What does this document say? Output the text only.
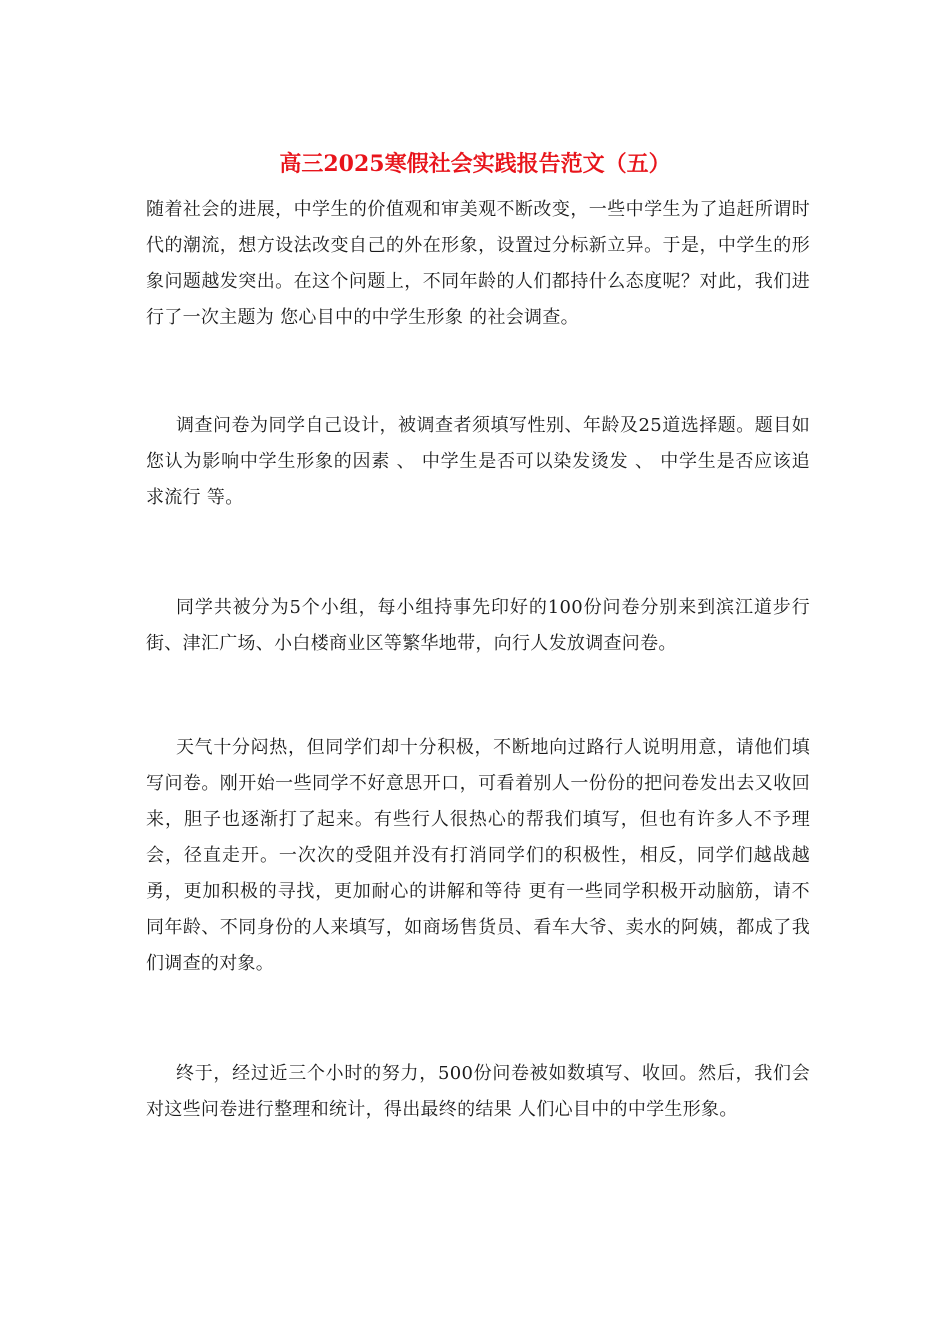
高三2025寒假社会实践报告范文（五）

随着社会的进展，中学生的价值观和审美观不断改变，一些中学生为了追赶所谓时代的潮流，想方设法改变自己的外在形象，设置过分标新立异。于是，中学生的形象问题越发突出。在这个问题上，不同年龄的人们都持什么态度呢？对此，我们进行了一次主题为 您心目中的中学生形象 的社会调查。

调查问卷为同学自己设计，被调查者须填写性别、年龄及25道选择题。题目如 您认为影响中学生形象的因素 、 中学生是否可以染发烫发 、 中学生是否应该追求流行 等。

同学共被分为5个小组，每小组持事先印好的100份问卷分别来到滨江道步行街、津汇广场、小白楼商业区等繁华地带，向行人发放调查问卷。

天气十分闷热，但同学们却十分积极，不断地向过路行人说明用意，请他们填写问卷。刚开始一些同学不好意思开口，可看着别人一份份的把问卷发出去又收回来，胆子也逐渐打了起来。有些行人很热心的帮我们填写，但也有许多人不予理会，径直走开。一次次的受阻并没有打消同学们的积极性，相反，同学们越战越勇，更加积极的寻找，更加耐心的讲解和等待 更有一些同学积极开动脑筋，请不同年龄、不同身份的人来填写，如商场售货员、看车大爷、卖水的阿姨，都成了我们调查的对象。

终于，经过近三个小时的努力，500份问卷被如数填写、收回。然后，我们会对这些问卷进行整理和统计，得出最终的结果 人们心目中的中学生形象。
